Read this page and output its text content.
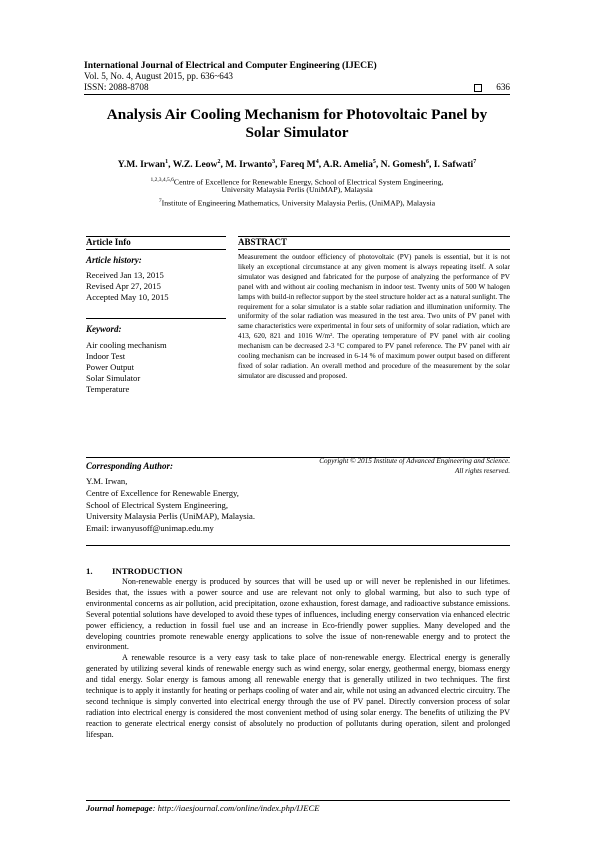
International Journal of Electrical and Computer Engineering (IJECE)
Vol. 5, No. 4, August 2015, pp. 636~643
ISSN: 2088-8708	636
Analysis Air Cooling Mechanism for Photovoltaic Panel by
Solar Simulator
Y.M. Irwan$^1$, W.Z. Leow$^2$, M. Irwanto$^3$, Fareq $M^4$, A.R. Amelia$^5$, N. Gomesh$^6$, I. Safwati$^7$
$^{1,2,3,4,5,6}$Centre of Excellence for Renewable Energy, School of Electrical System Engineering,
University Malaysia Perlis (UniMAP), Malaysia
$^7$Institute of Engineering Mathematics, University Malaysia Perlis, (UniMAP), Malaysia
Article Info	ABSTRACT
Article history:
Received Jan 13, 2015
Revised Apr 27, 2015
Accepted May 10, 2015
Keyword:
Air cooling mechanism
Indoor Test
Power Output
Solar Simulator
Temperature
Measurement the outdoor efficiency of photovoltaic (PV) panels is essential, but it is not likely an exceptional circumstance at any given moment is always repeating itself. A solar simulator was designed and fabricated for the purpose of analyzing the performance of PV panel with and without air cooling mechanism in indoor test. Twenty units of 500 W halogen lamps with build-in reflector support by the steel structure holder act as a natural sunlight. The requirement for a solar simulator is a stable solar radiation and illumination uniformity. The uniformity of the solar radiation was measured in the test area. Two units of PV panel with same characteristics were experimental in four sets of uniformity of solar radiation, which are 413, 620, 821 and 1016 W/m². The operating temperature of PV panel with air cooling mechanism can be decreased 2-3 °C compared to PV panel reference. The PV panel with air cooling mechanism can be increased in 6-14 % of maximum power output based on different fixed of solar radiation. An overall method and procedure of the measurement by the solar simulator are discussed and proposed.
Copyright © 2015 Institute of Advanced Engineering and Science.
All rights reserved.
Corresponding Author:
Y.M. Irwan,
Centre of Excellence for Renewable Energy,
School of Electrical System Engineering,
University Malaysia Perlis (UniMAP), Malaysia.
Email: irwanyusoff@unimap.edu.my
1. INTRODUCTION

Non-renewable energy is produced by sources that will be used up or will never be replenished in our lifetimes. Besides that, the issues with a power source and use are relevant not only to global warming, but also to such type of environmental concerns as air pollution, acid precipitation, ozone exhaustion, forest damage, and radioactive substance emissions. Several potential solutions have developed to avoid these types of influences, including energy conservation via enhanced electric power efficiency, a reduction in fossil fuel use and an increase in Eco-friendly power supplies. Many developed and the developing countries promote renewable energy applications to solve the issue of non-renewable energy and to protect the environment.

A renewable resource is a very easy task to take place of non-renewable energy. Electrical energy is generally generated by utilizing several kinds of renewable energy such as wind energy, solar energy, geothermal energy, biomass energy and tidal energy. Solar energy is famous among all renewable energy that is generally utilized in two techniques. The first technique is to apply it instantly for heating or perhaps cooling of water and air, while not using an advanced electric circuitry. The second technique is simply converted into electrical energy through the use of PV panel. Directly conversion process of solar radiation into electrical energy is considered the most convenient method of using solar energy. The benefits of utilizing the PV reaction to generate electrical energy consist of absolutely no production of pollutants during operation, silent and prolonged lifespan.

Journal homepage: http://iaesjournal.com/online/index.php/IJECE
